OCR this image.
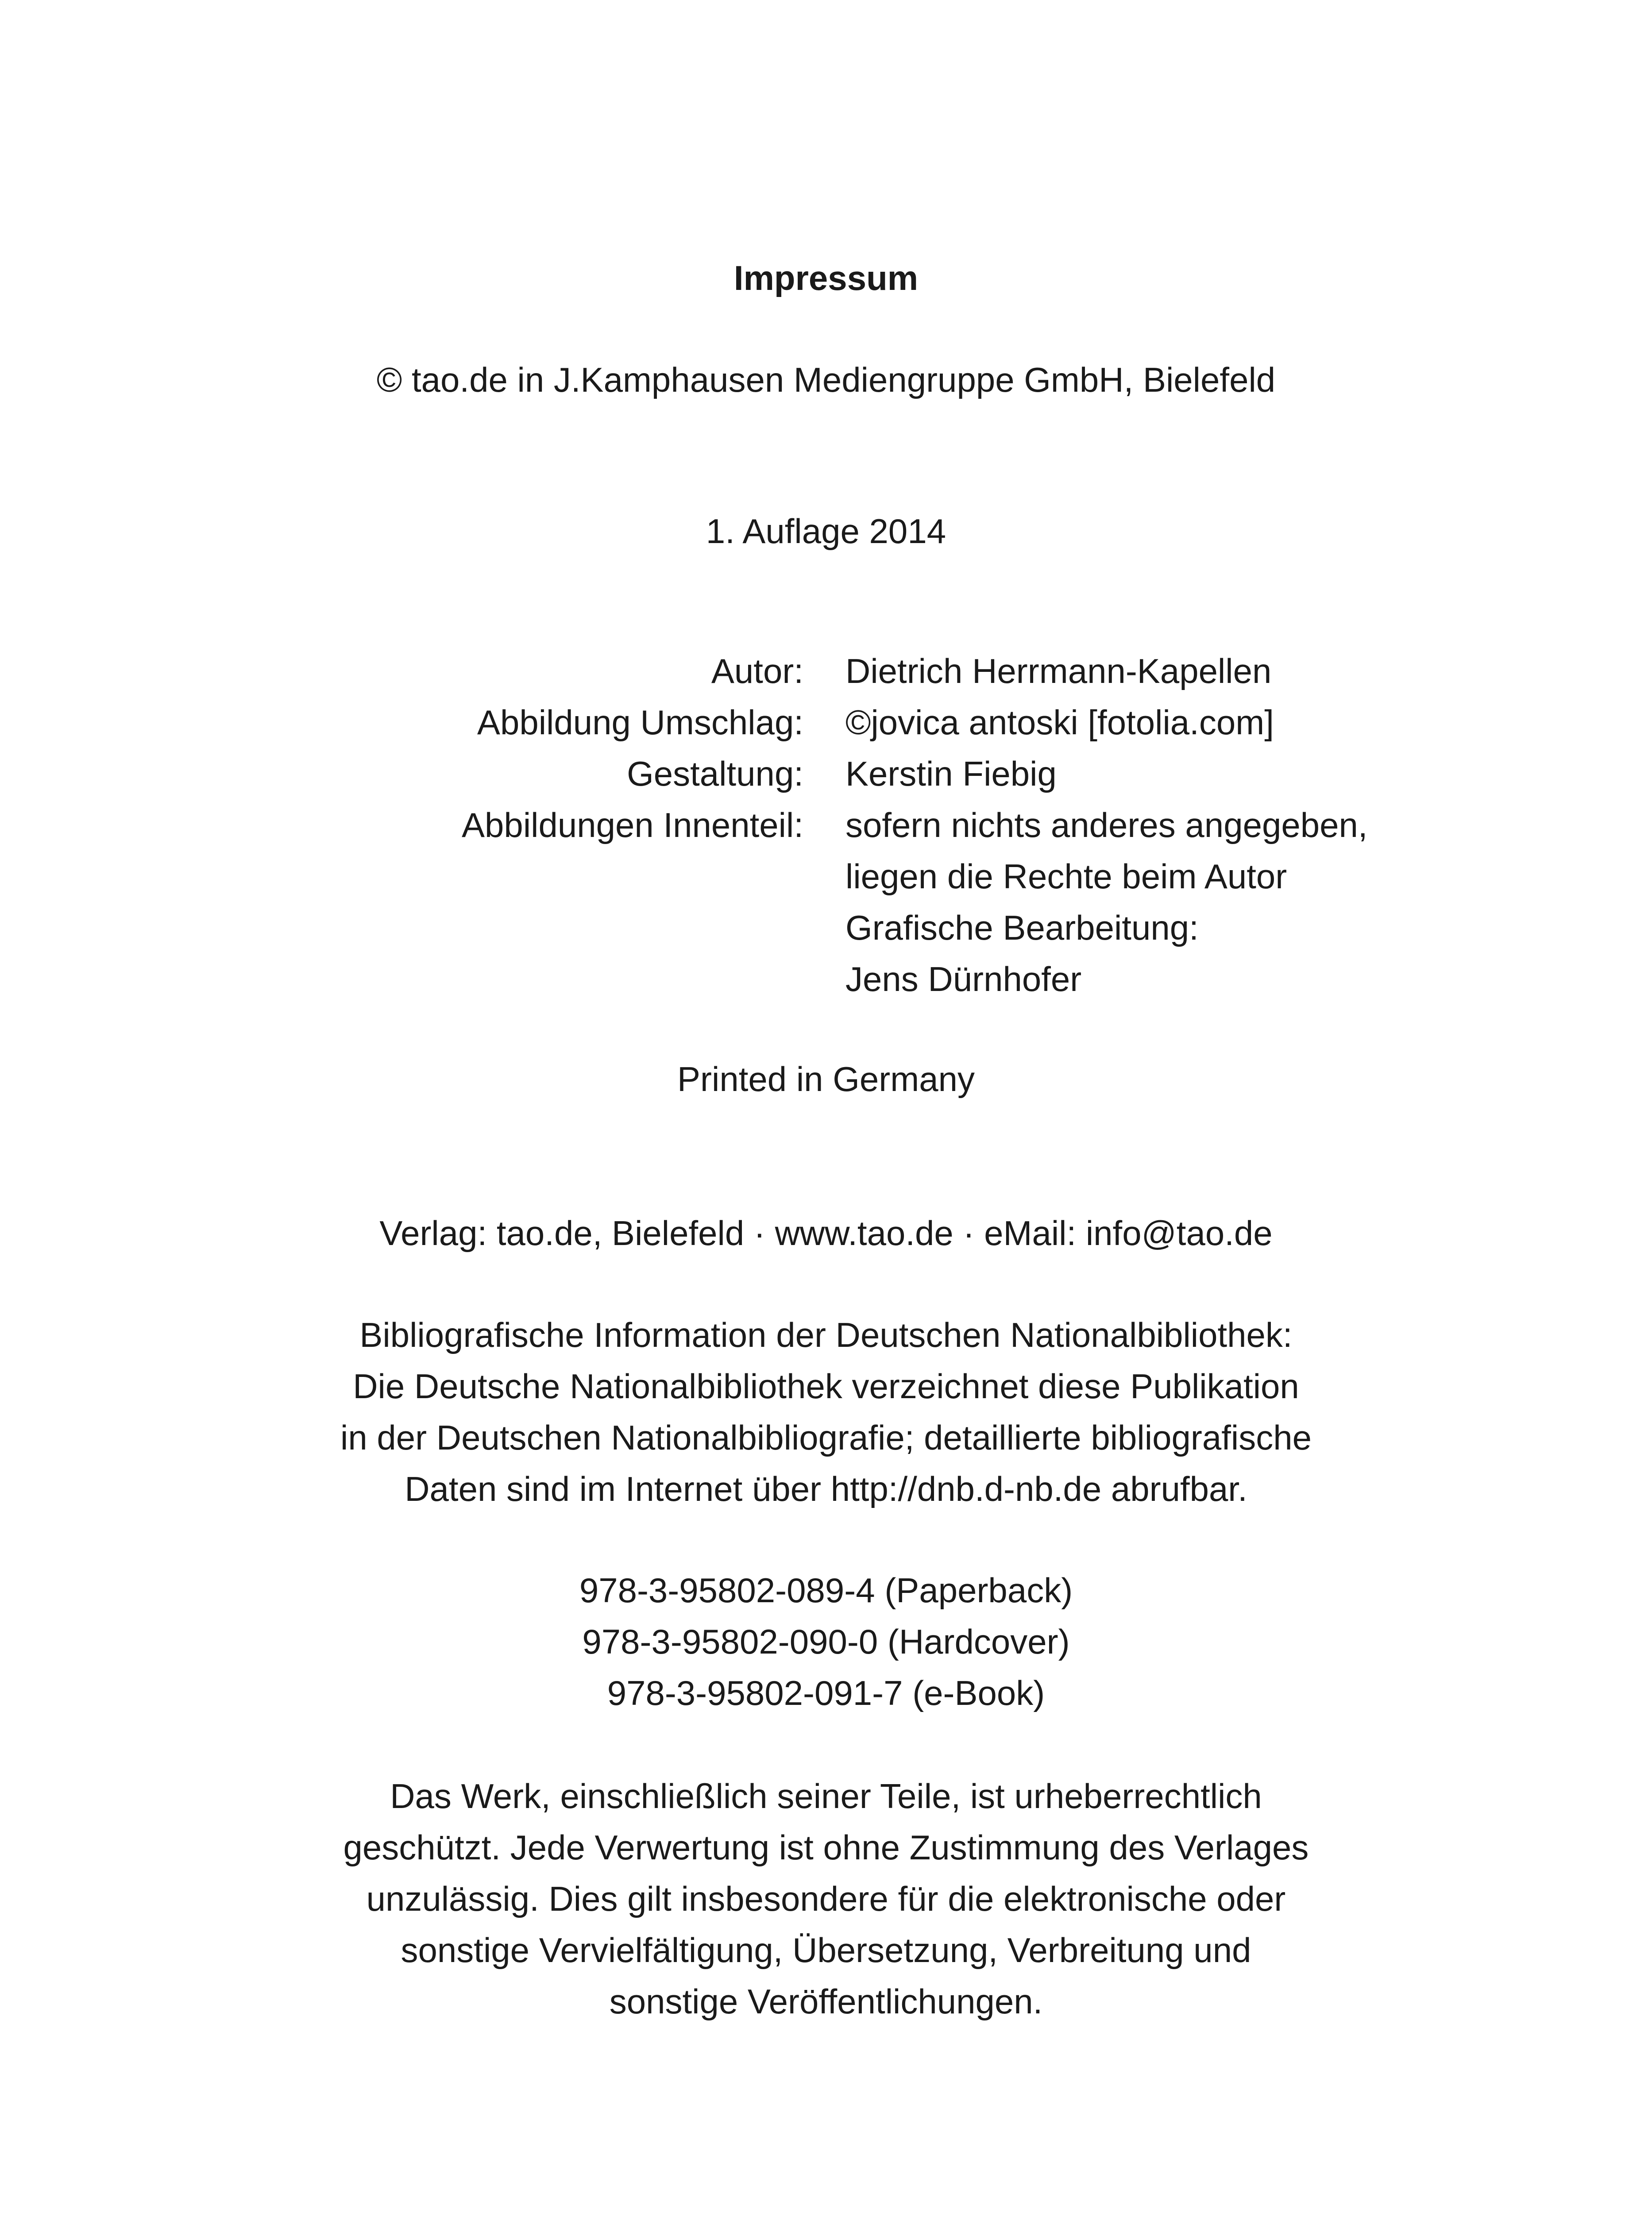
Impressum
© tao.de in J.Kamphausen Mediengruppe GmbH, Bielefeld
1. Auflage 2014
Autor: Dietrich Herrmann-Kapellen
Abbildung Umschlag: ©jovica antoski [fotolia.com]
Gestaltung: Kerstin Fiebig
Abbildungen Innenteil: sofern nichts anderes angegeben,
liegen die Rechte beim Autor
Grafische Bearbeitung:
Jens Dürnhofer
Printed in Germany
Verlag: tao.de, Bielefeld · www.tao.de · eMail: info@tao.de
Bibliografische Information der Deutschen Nationalbibliothek:
Die Deutsche Nationalbibliothek verzeichnet diese Publikation
in der Deutschen Nationalbibliografie; detaillierte bibliografische
Daten sind im Internet über http://dnb.d-nb.de abrufbar.
978-3-95802-089-4 (Paperback)
978-3-95802-090-0 (Hardcover)
978-3-95802-091-7 (e-Book)
Das Werk, einschließlich seiner Teile, ist urheberrechtlich
geschützt. Jede Verwertung ist ohne Zustimmung des Verlages
unzulässig. Dies gilt insbesondere für die elektronische oder
sonstige Vervielfältigung, Übersetzung, Verbreitung und
sonstige Veröffentlichungen.
